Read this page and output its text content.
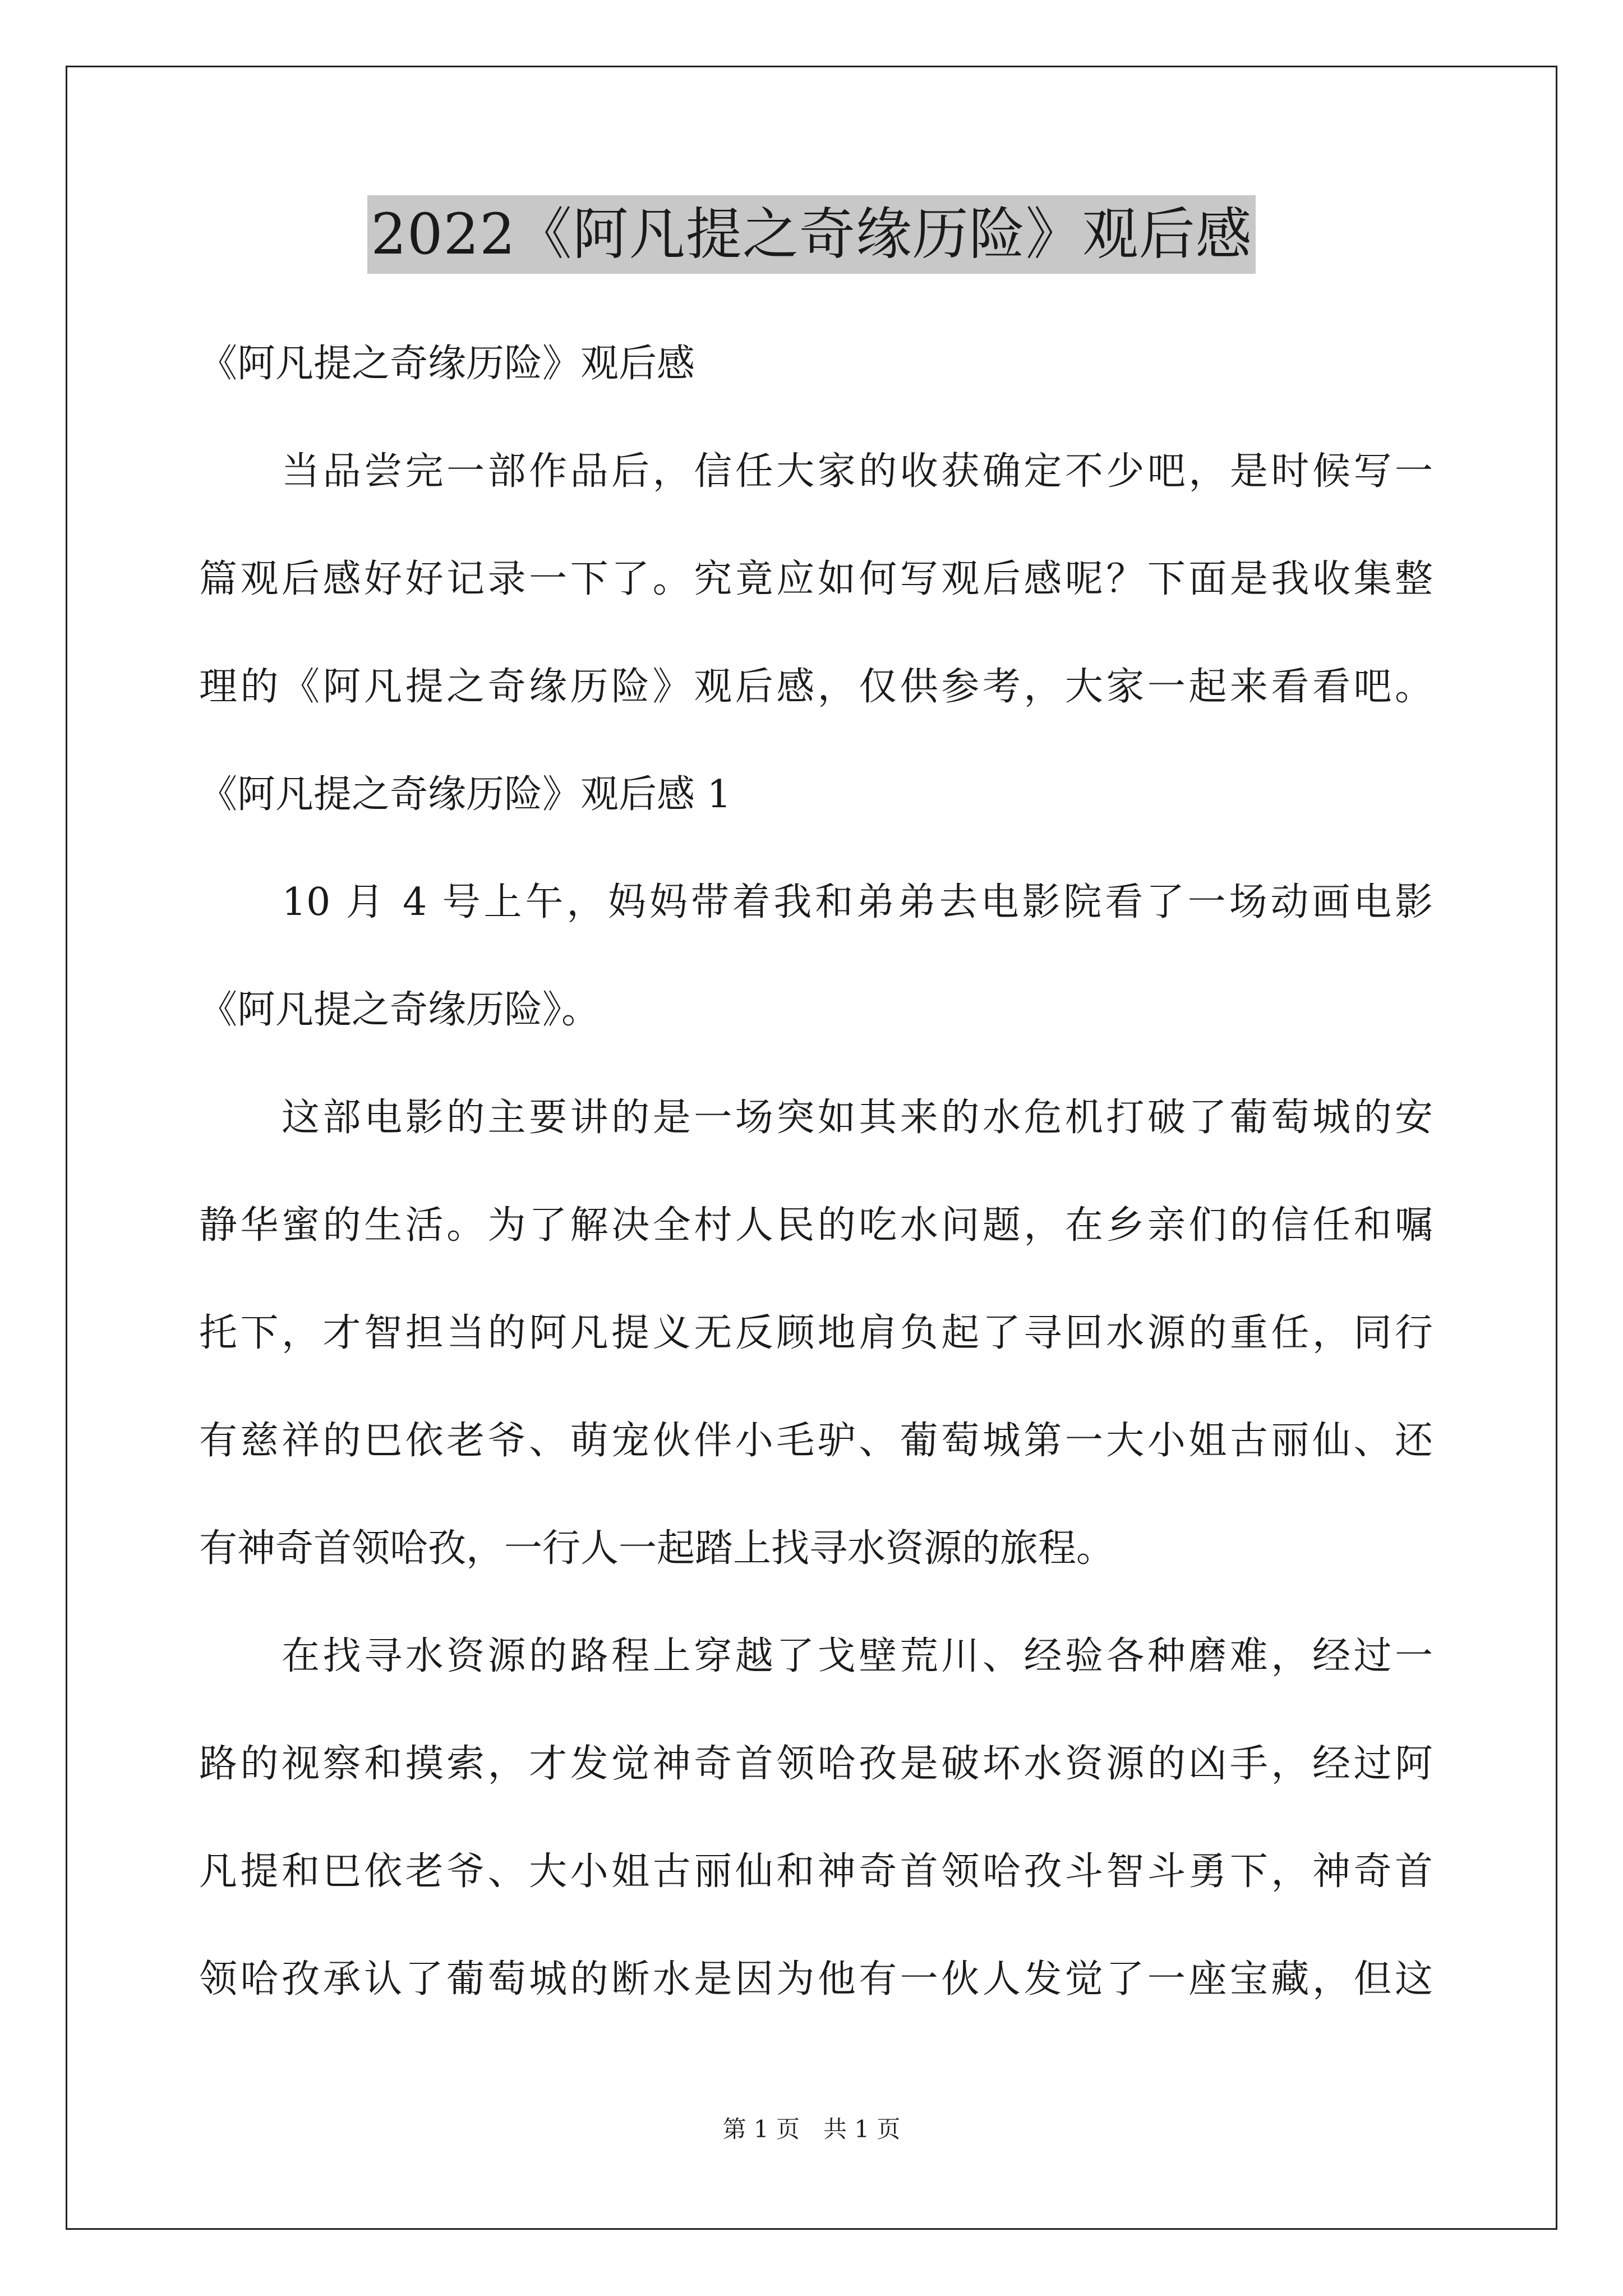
2022《阿凡提之奇缘历险》观后感
《阿凡提之奇缘历险》观后感
　　当品尝完一部作品后，信任大家的收获确定不少吧，是时候写一
篇观后感好好记录一下了。究竟应如何写观后感呢？下面是我收集整
理的《阿凡提之奇缘历险》观后感，仅供参考，大家一起来看看吧。
《阿凡提之奇缘历险》观后感 1
　　10 月 4 号上午，妈妈带着我和弟弟去电影院看了一场动画电影
《阿凡提之奇缘历险》。
　　这部电影的主要讲的是一场突如其来的水危机打破了葡萄城的安
静华蜜的生活。为了解决全村人民的吃水问题，在乡亲们的信任和嘱
托下，才智担当的阿凡提义无反顾地肩负起了寻回水源的重任，同行
有慈祥的巴依老爷、萌宠伙伴小毛驴、葡萄城第一大小姐古丽仙、还
有神奇首领哈孜，一行人一起踏上找寻水资源的旅程。
　　在找寻水资源的路程上穿越了戈壁荒川、经验各种磨难，经过一
路的视察和摸索，才发觉神奇首领哈孜是破坏水资源的凶手，经过阿
凡提和巴依老爷、大小姐古丽仙和神奇首领哈孜斗智斗勇下，神奇首
领哈孜承认了葡萄城的断水是因为他有一伙人发觉了一座宝藏，但这
第 1 页　共 1 页
